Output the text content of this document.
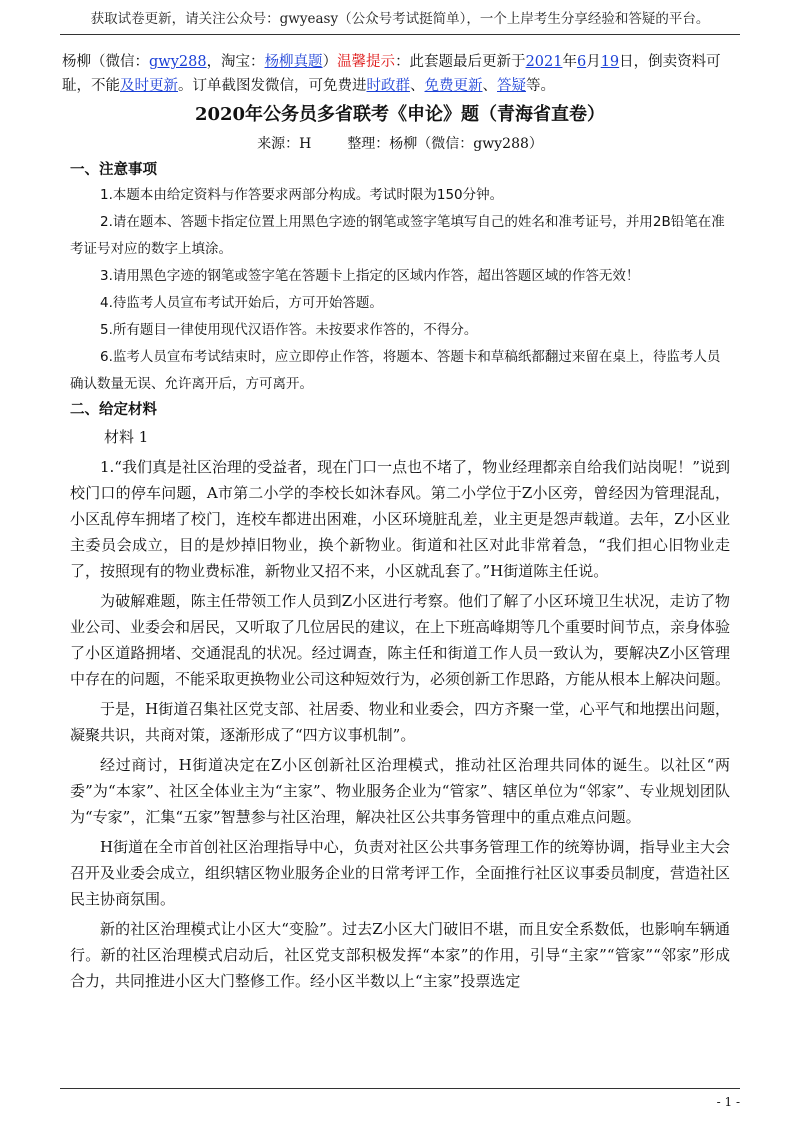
获取试卷更新，请关注公众号：gwyeasy（公众号考试挺简单），一个上岸考生分享经验和答疑的平台。
杨柳（微信：gwy288，淘宝：杨柳真题）温馨提示：此套题最后更新于2021年6月19日，倒卖资料可耻，不能及时更新。订单截图发微信，可免费进时政群、免费更新、答疑等。
2020年公务员多省联考《申论》题（青海省直卷）
来源：H	整理：杨柳（微信：gwy288）

一、注意事项

1.本题本由给定资料与作答要求两部分构成。考试时限为150分钟。

2.请在题本、答题卡指定位置上用黑色字迹的钢笔或签字笔填写自己的姓名和准考证号，并用2B铅笔在准考证号对应的数字上填涂。

3.请用黑色字迹的钢笔或签字笔在答题卡上指定的区域内作答，超出答题区域的作答无效！

4.待监考人员宣布考试开始后，方可开始答题。

5.所有题目一律使用现代汉语作答。未按要求作答的，不得分。

6.监考人员宣布考试结束时，应立即停止作答，将题本、答题卡和草稿纸都翻过来留在桌上，待监考人员确认数量无误、允许离开后，方可离开。

二、给定材料

材料 1

1.“我们真是社区治理的受益者，现在门口一点也不堵了，物业经理都亲自给我们站岗呢！”说到校门口的停车问题，A市第二小学的李校长如沐春风。第二小学位于Z小区旁，曾经因为管理混乱，小区乱停车拥堵了校门，连校车都进出困难，小区环境脏乱差，业主更是怨声载道。去年，Z小区业主委员会成立，目的是炒掉旧物业，换个新物业。街道和社区对此非常着急，“我们担心旧物业走了，按照现有的物业费标准，新物业又招不来，小区就乱套了。”H街道陈主任说。

为破解难题，陈主任带领工作人员到Z小区进行考察。他们了解了小区环境卫生状况，走访了物业公司、业委会和居民，又听取了几位居民的建议，在上下班高峰期等几个重要时间节点，亲身体验了小区道路拥堵、交通混乱的状况。经过调查，陈主任和街道工作人员一致认为，要解决Z小区管理中存在的问题，不能采取更换物业公司这种短效行为，必须创新工作思路，方能从根本上解决问题。

于是，H街道召集社区党支部、社居委、物业和业委会，四方齐聚一堂，心平气和地摆出问题，凝聚共识，共商对策，逐渐形成了“四方议事机制”。

经过商讨，H街道决定在Z小区创新社区治理模式，推动社区治理共同体的诞生。以社区“两委”为“本家”、社区全体业主为“主家”、物业服务企业为“管家”、辖区单位为“邻家”、专业规划团队为“专家”，汇集“五家”智慧参与社区治理，解决社区公共事务管理中的重点难点问题。

H街道在全市首创社区治理指导中心，负责对社区公共事务管理工作的统筹协调，指导业主大会召开及业委会成立，组织辖区物业服务企业的日常考评工作，全面推行社区议事委员制度，营造社区民主协商氛围。

新的社区治理模式让小区大“变脸”。过去Z小区大门破旧不堪，而且安全系数低，也影响车辆通行。新的社区治理模式启动后，社区党支部积极发挥“本家”的作用，引导“主家”“管家”“邻家”形成合力，共同推进小区大门整修工作。经小区半数以上“主家”投票选定

- 1 -
